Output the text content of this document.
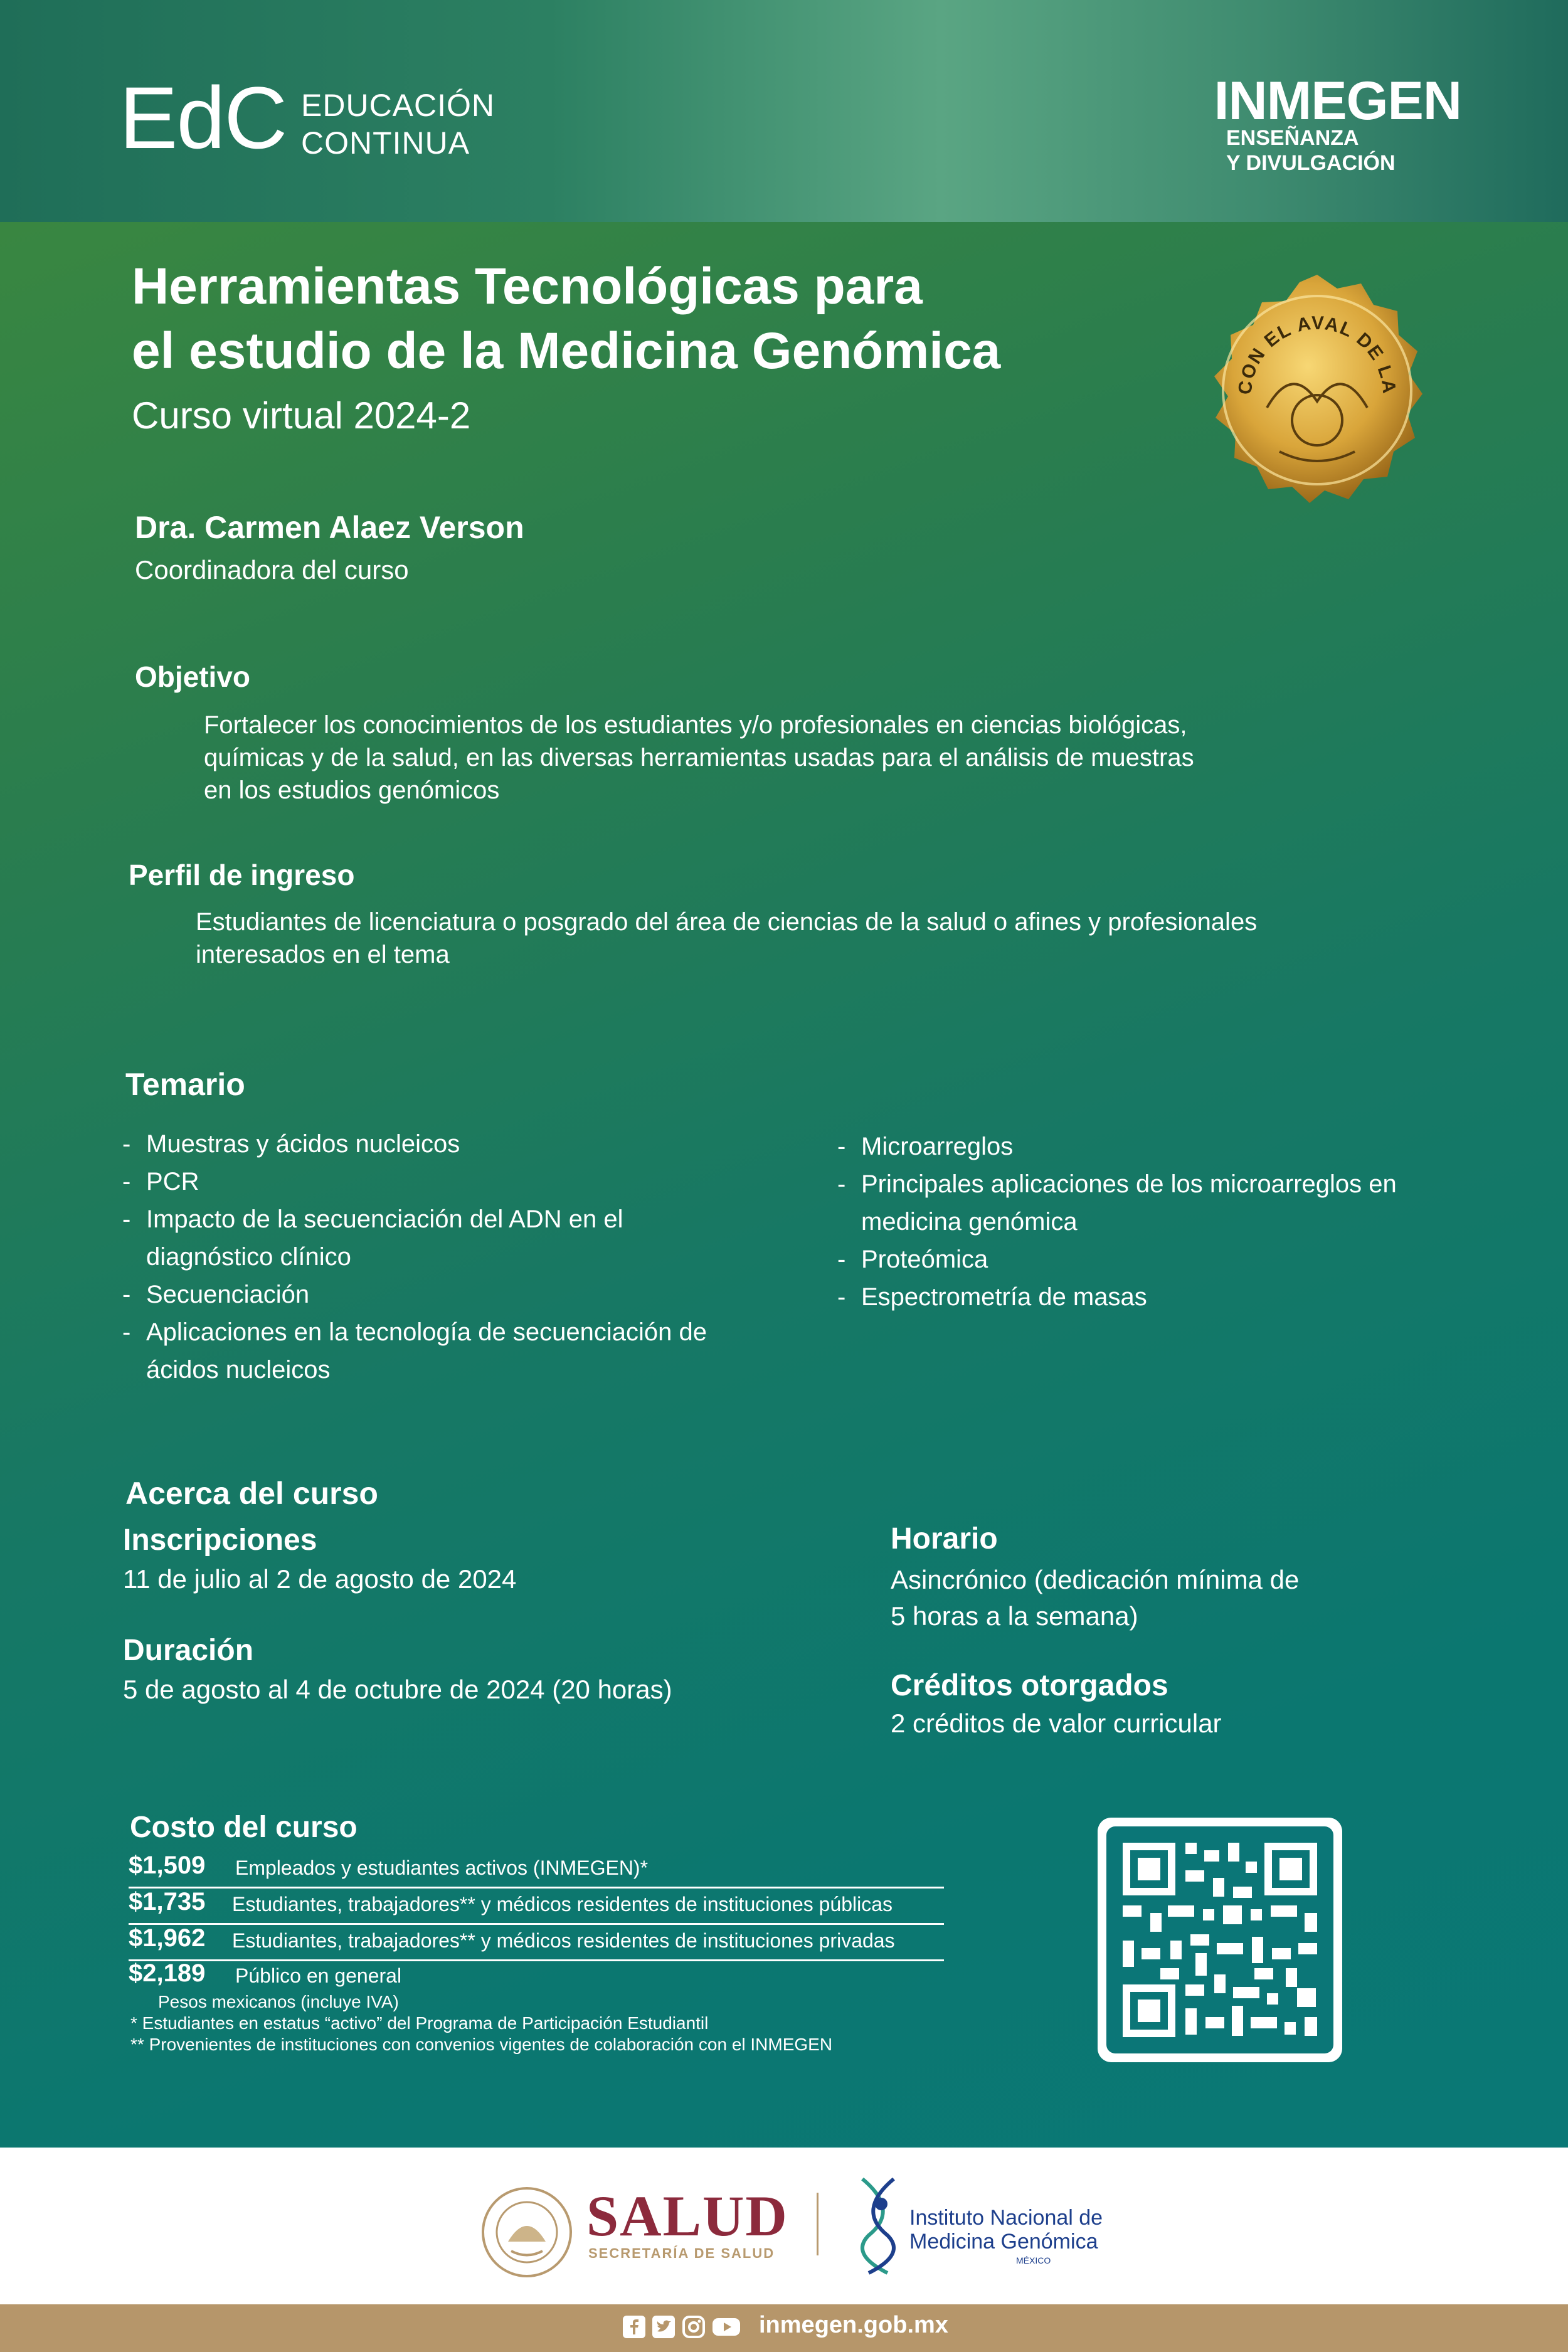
EdC EDUCACIÓN
CONTINUA
INMEGEN
ENSEÑANZA
Y DIVULGACIÓN
Herramientas Tecnológicas para
el estudio de la Medicina Genómica
Curso virtual 2024-2
CON EL AVAL DE LA
Dra. Carmen Alaez Verson
Coordinadora del curso
Objetivo
Fortalecer los conocimientos de los estudiantes y/o profesionales en ciencias biológicas,
químicas y de la salud, en las diversas herramientas usadas para el análisis de muestras
en los estudios genómicos
Perfil de ingreso
Estudiantes de licenciatura o posgrado del área de ciencias de la salud o afines y profesionales
interesados en el tema
Temario
- Muestras y ácidos nucleicos
- PCR
- Impacto de la secuenciación del ADN en el diagnóstico clínico
- Secuenciación
- Aplicaciones en la tecnología de secuenciación de ácidos nucleicos
- Microarreglos
- Principales aplicaciones de los microarreglos en medicina genómica
- Proteómica
- Espectrometría de masas
Acerca del curso
Inscripciones
11 de julio al 2 de agosto de 2024
Duración
5 de agosto al 4 de octubre de 2024 (20 horas)
Horario
Asincrónico (dedicación mínima de
5 horas a la semana)
Créditos otorgados
2 créditos de valor curricular
Costo del curso
$1,509 Empleados y estudiantes activos (INMEGEN)*
$1,735 Estudiantes, trabajadores** y médicos residentes de instituciones públicas
$1,962 Estudiantes, trabajadores** y médicos residentes de instituciones privadas
$2,189 Público en general
Pesos mexicanos (incluye IVA)
* Estudiantes en estatus “activo” del Programa de Participación Estudiantil
** Provenientes de instituciones con convenios vigentes de colaboración con el INMEGEN
SALUD
SECRETARÍA DE SALUD
Instituto Nacional de
Medicina Genómica
MÉXICO
inmegen.gob.mx
